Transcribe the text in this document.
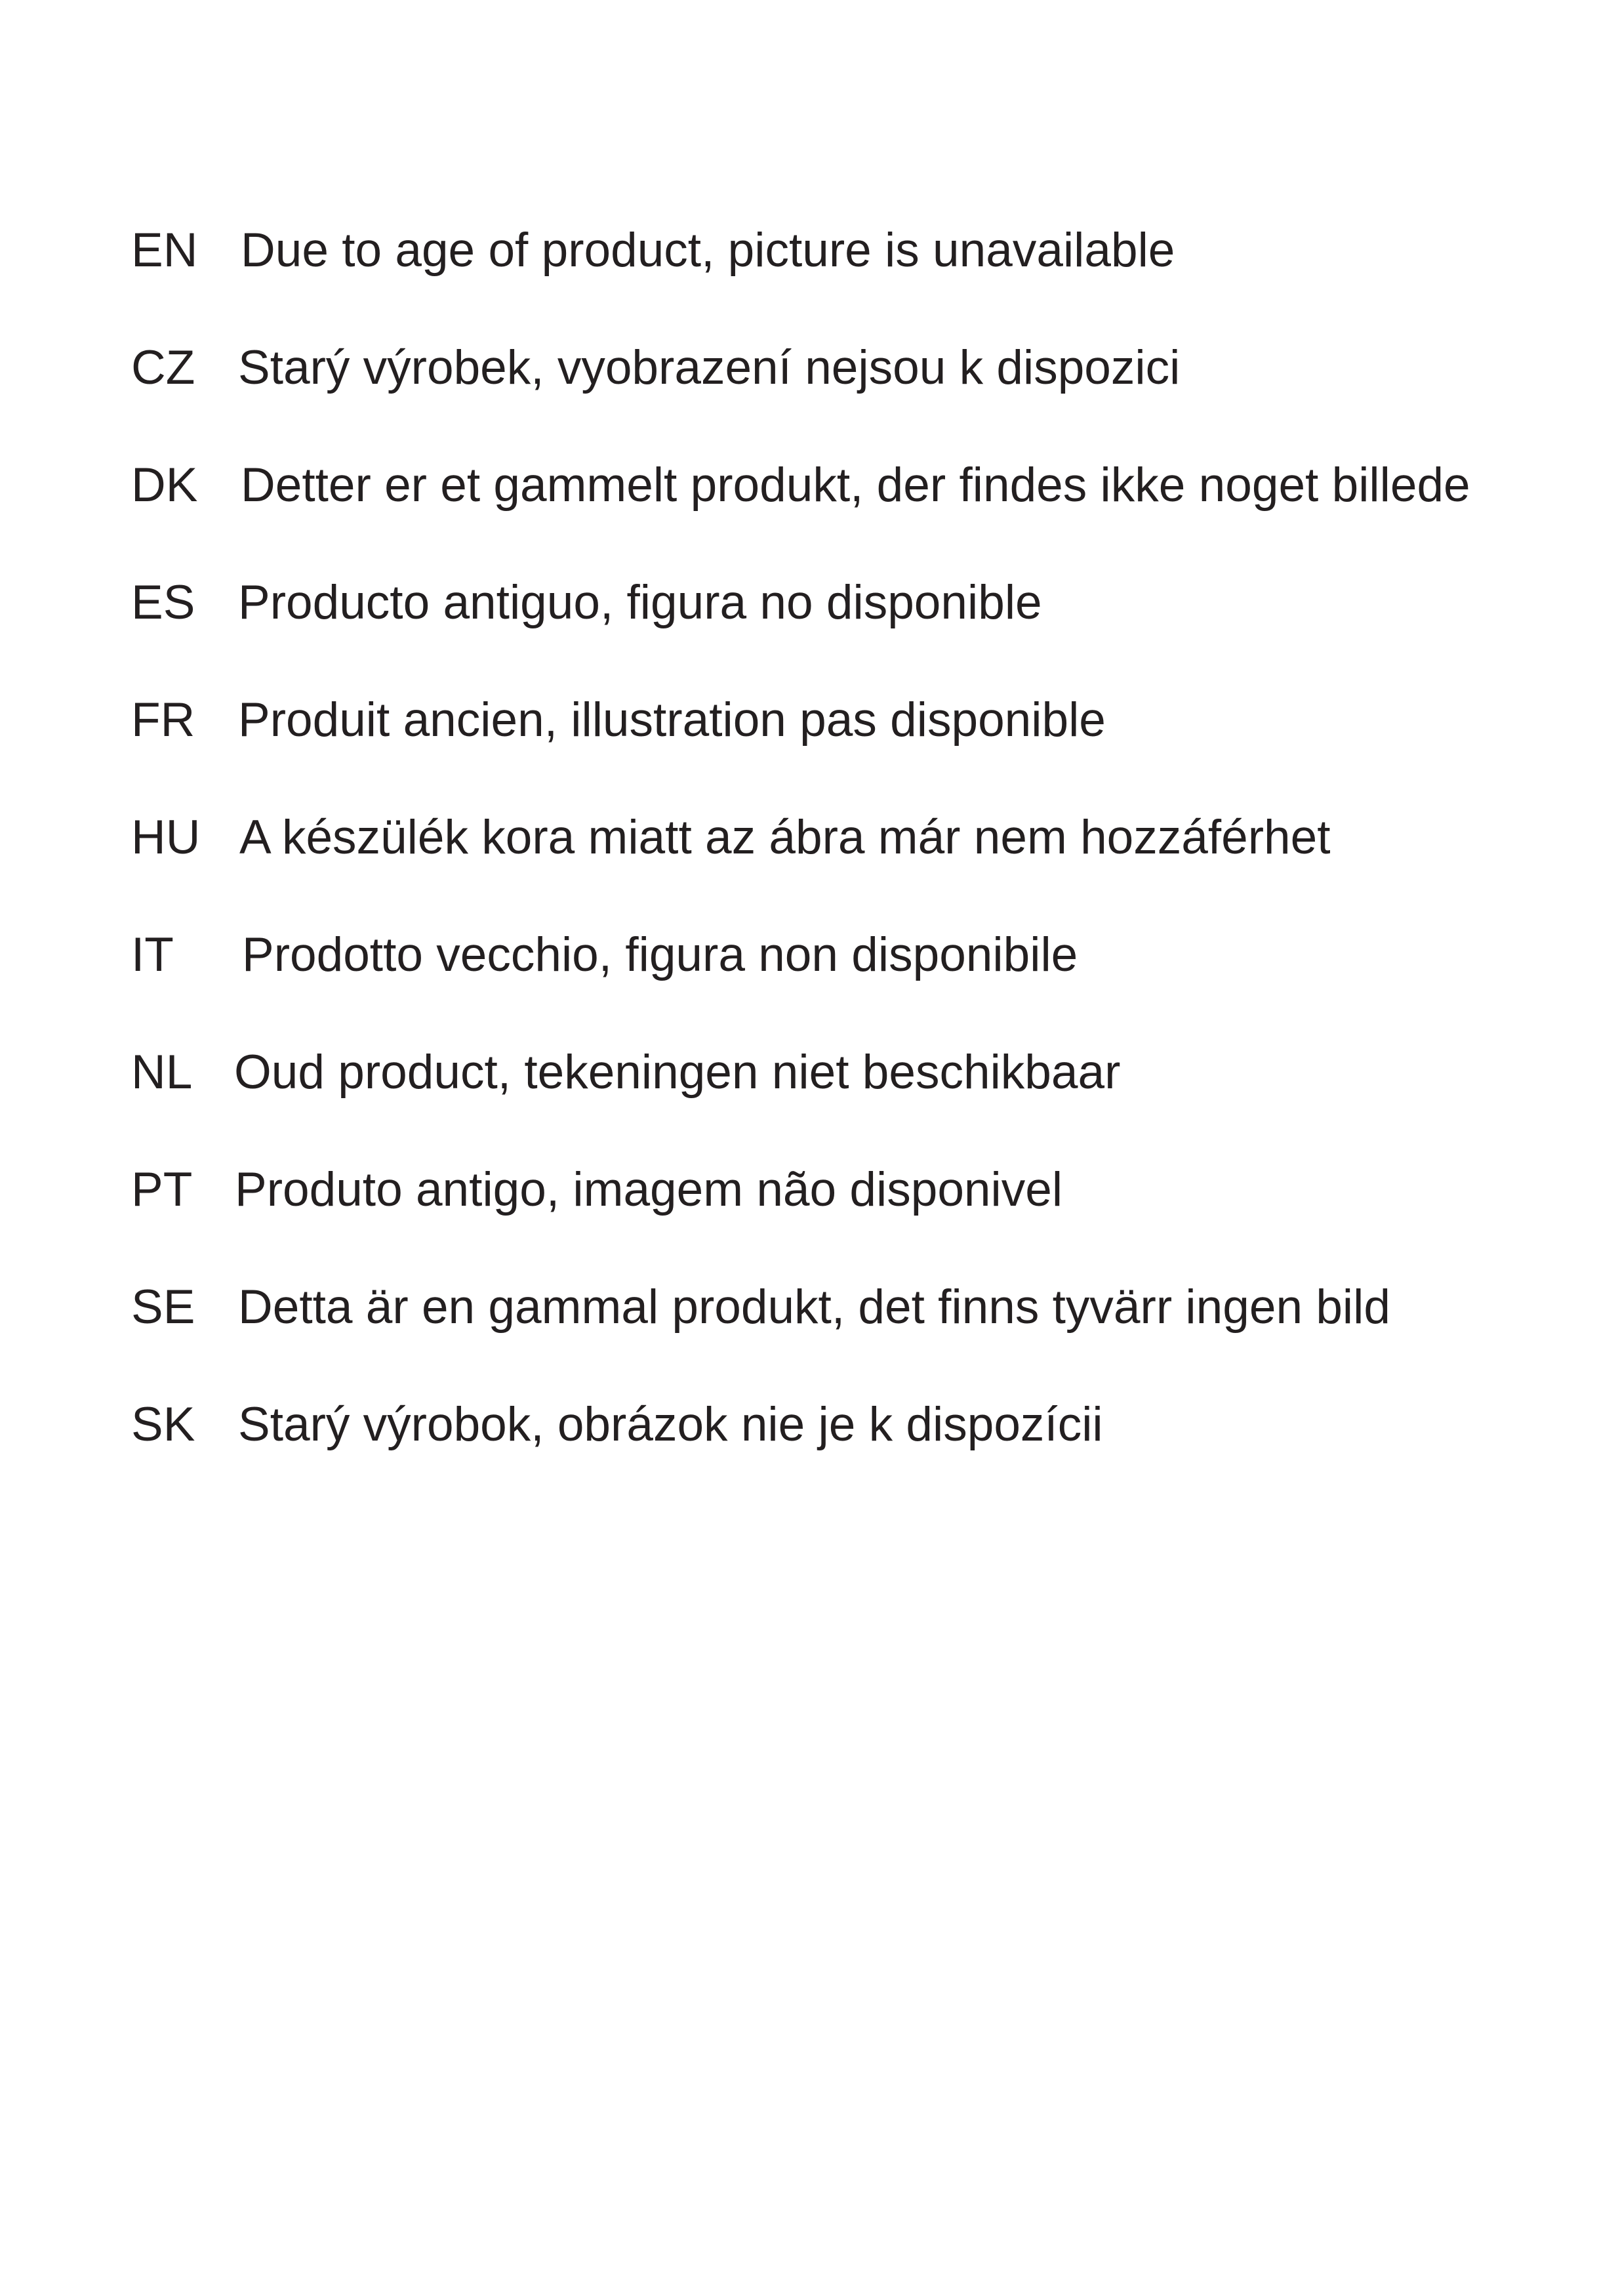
EN Due to age of product, picture is unavailable
CZ Starý výrobek, vyobrazení nejsou k dispozici
DK Detter er et gammelt produkt, der findes ikke noget billede
ES Producto antiguo, figura no disponible
FR Produit ancien, illustration pas disponible
HU A készülék kora miatt az ábra már nem hozzáférhet
IT Prodotto vecchio, figura non disponibile
NL Oud product, tekeningen niet beschikbaar
PT Produto antigo, imagem não disponivel
SE Detta är en gammal produkt, det finns tyvärr ingen bild
SK Starý výrobok, obrázok nie je k dispozícii
